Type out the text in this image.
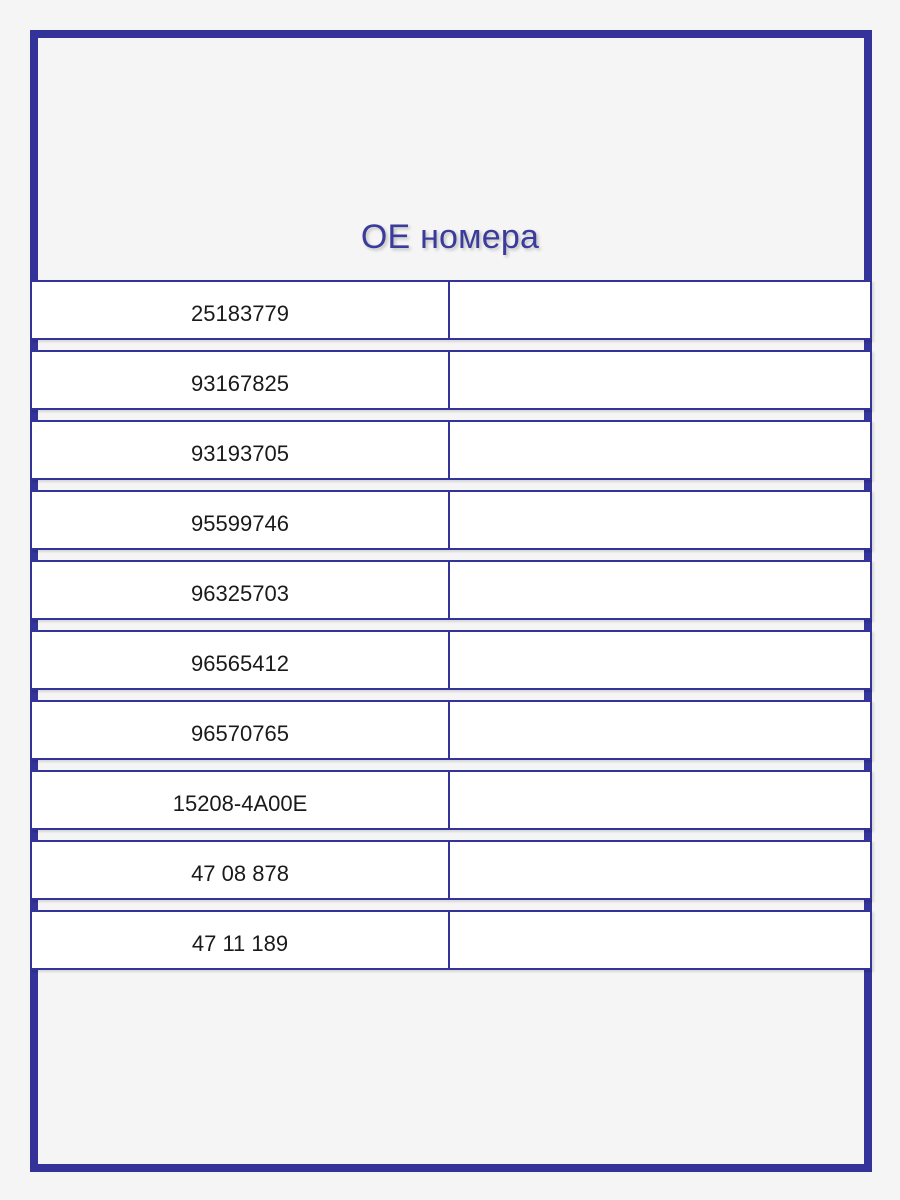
OE номера
25183779
93167825
93193705
95599746
96325703
96565412
96570765
15208-4A00E
47 08 878
47 11 189
